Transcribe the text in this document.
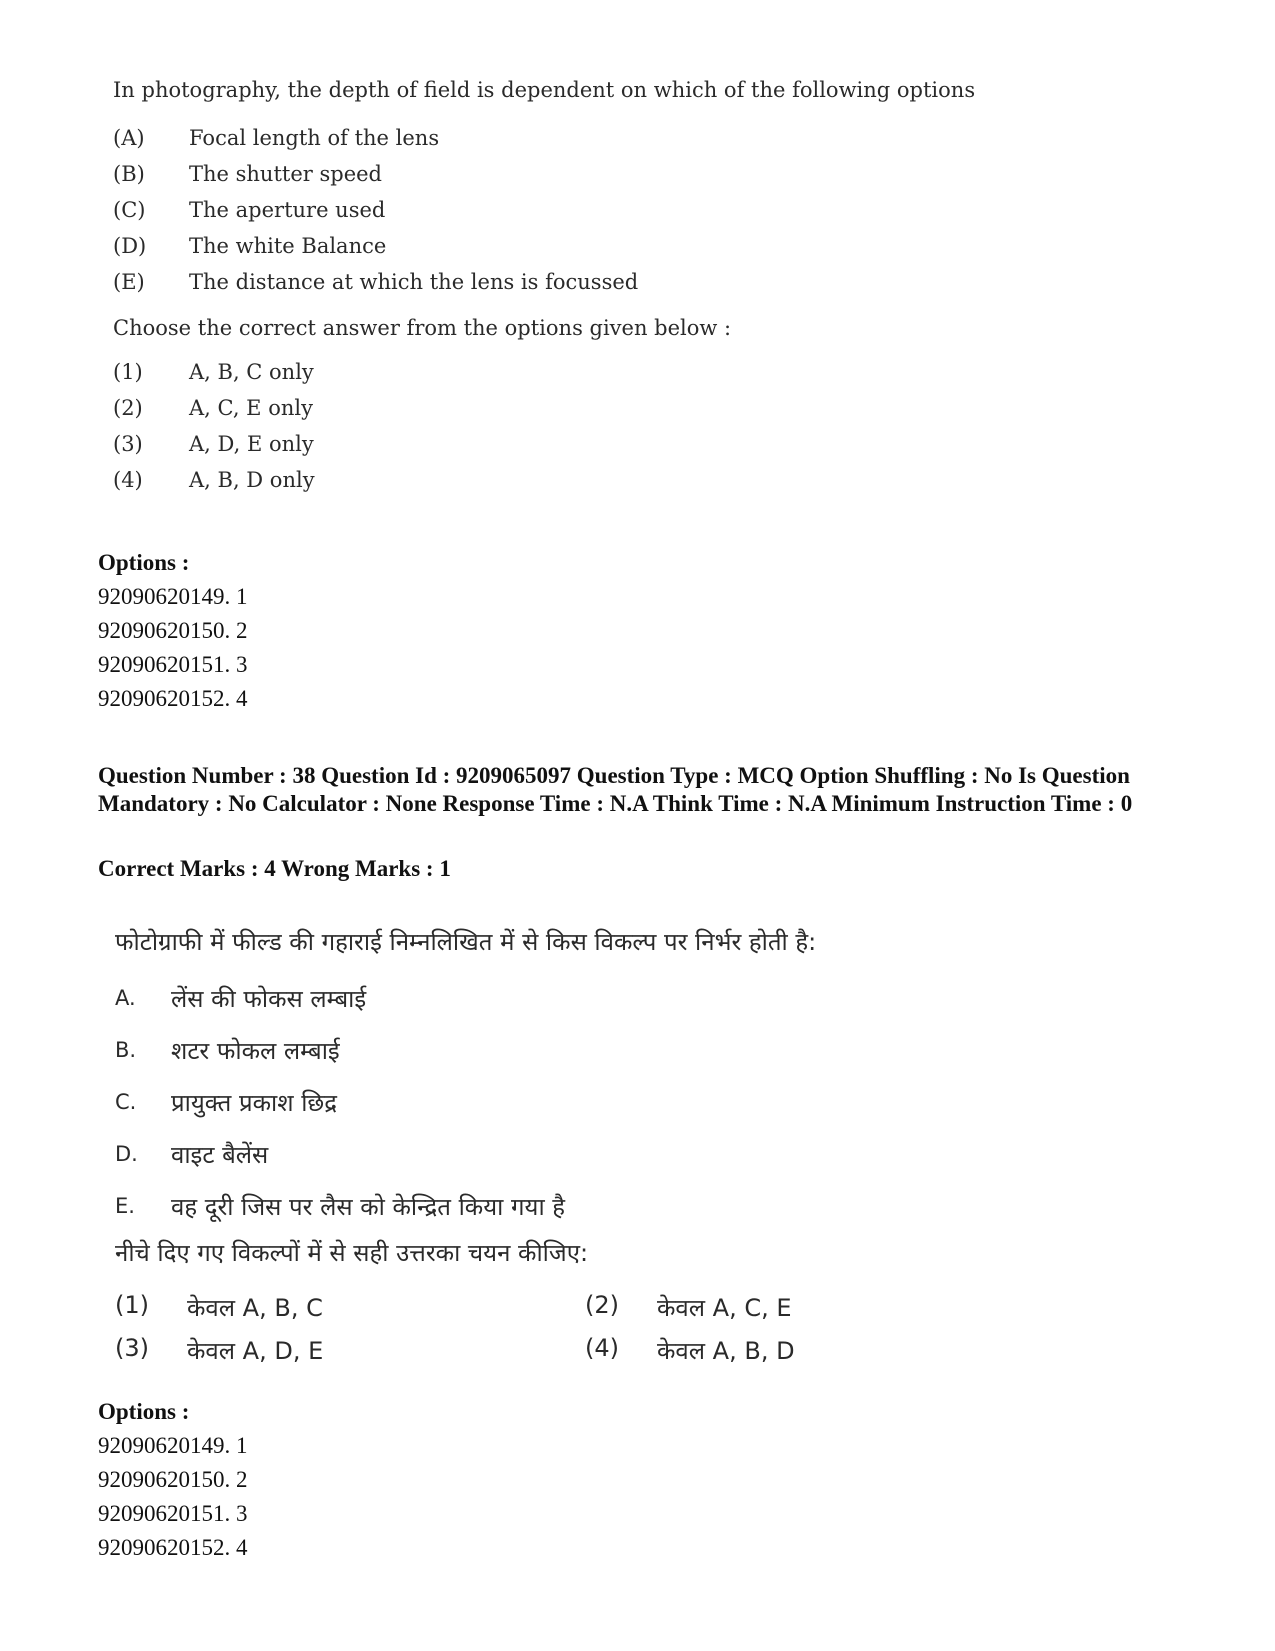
In photography, the depth of field is dependent on which of the following options
(A)	Focal length of the lens
(B)	The shutter speed
(C)	The aperture used
(D)	The white Balance
(E)	The distance at which the lens is focussed
Choose the correct answer from the options given below :
(1)	A, B, C only
(2)	A, C, E only
(3)	A, D, E only
(4)	A, B, D only
Options :
92090620149. 1
92090620150. 2
92090620151. 3
92090620152. 4
Question Number : 38 Question Id : 9209065097 Question Type : MCQ Option Shuffling : No Is Question Mandatory : No Calculator : None Response Time : N.A Think Time : N.A Minimum Instruction Time : 0
Correct Marks : 4 Wrong Marks : 1
फोटोग्राफी में फील्ड की गहाराई निम्नलिखित में से किस विकल्प पर निर्भर होती है:
A.	लेंस की फोकस लम्बाई
B.	शटर फोकल लम्बाई
C.	प्रायुक्त प्रकाश छिद्र
D.	वाइट बैलेंस
E.	वह दूरी जिस पर लैस को केन्द्रित किया गया है
नीचे दिए गए विकल्पों में से सही उत्तरका चयन कीजिए:
(1)	केवल A, B, C	(2)	केवल A, C, E
(3)	केवल A, D, E	(4)	केवल A, B, D
Options :
92090620149. 1
92090620150. 2
92090620151. 3
92090620152. 4
